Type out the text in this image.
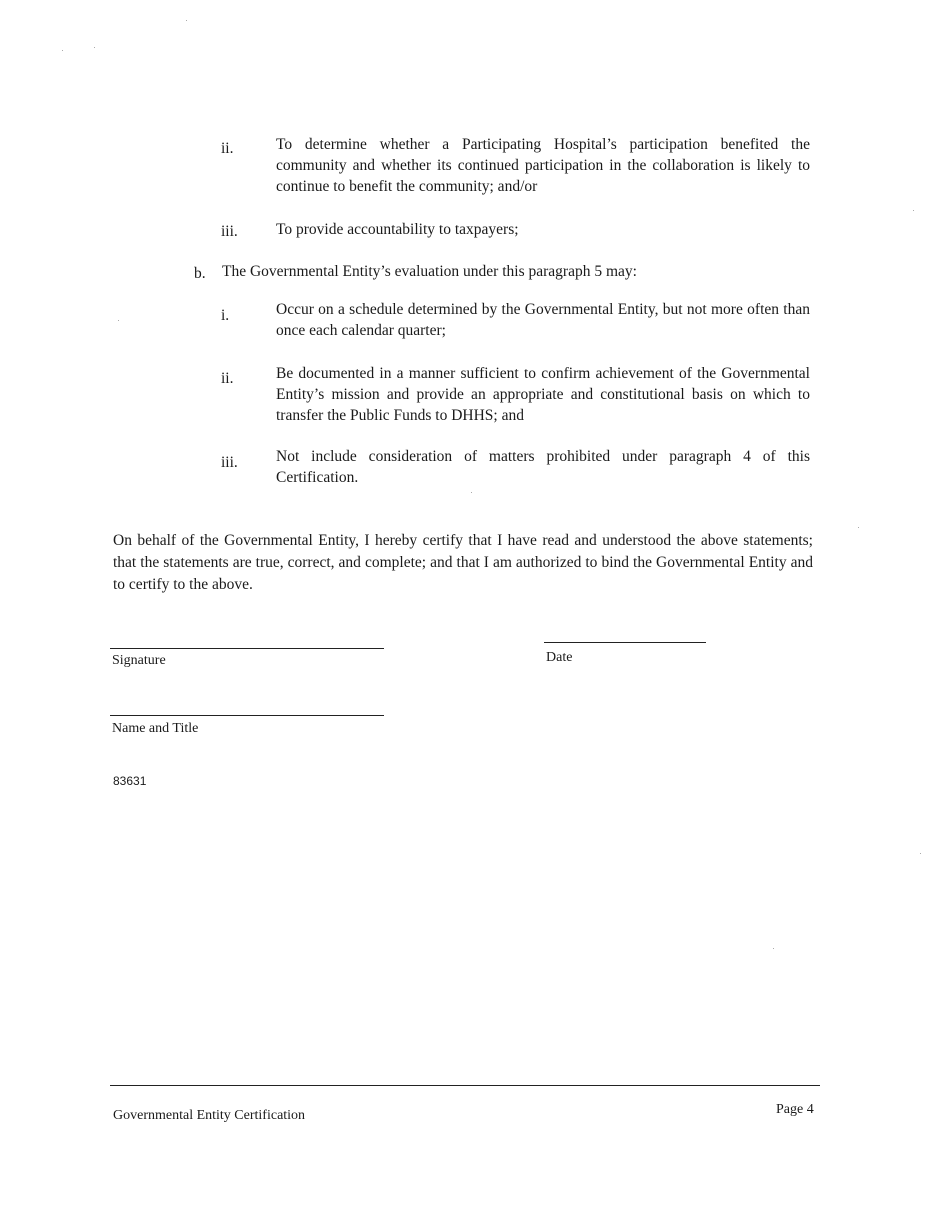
ii.	To determine whether a Participating Hospital’s participation benefited the community and whether its continued participation in the collaboration is likely to continue to benefit the community; and/or
iii. To provide accountability to taxpayers;
b. The Governmental Entity’s evaluation under this paragraph 5 may:
i.	Occur on a schedule determined by the Governmental Entity, but not more often than once each calendar quarter;
ii.	Be documented in a manner sufficient to confirm achievement of the Governmental Entity’s mission and provide an appropriate and constitutional basis on which to transfer the Public Funds to DHHS; and
iii. Not include consideration of matters prohibited under paragraph 4 of this Certification.
On behalf of the Governmental Entity, I hereby certify that I have read and understood the above statements; that the statements are true, correct, and complete; and that I am authorized to bind the Governmental Entity and to certify to the above.
Signature	Date
Name and Title
83631
Governmental Entity Certification	Page 4
